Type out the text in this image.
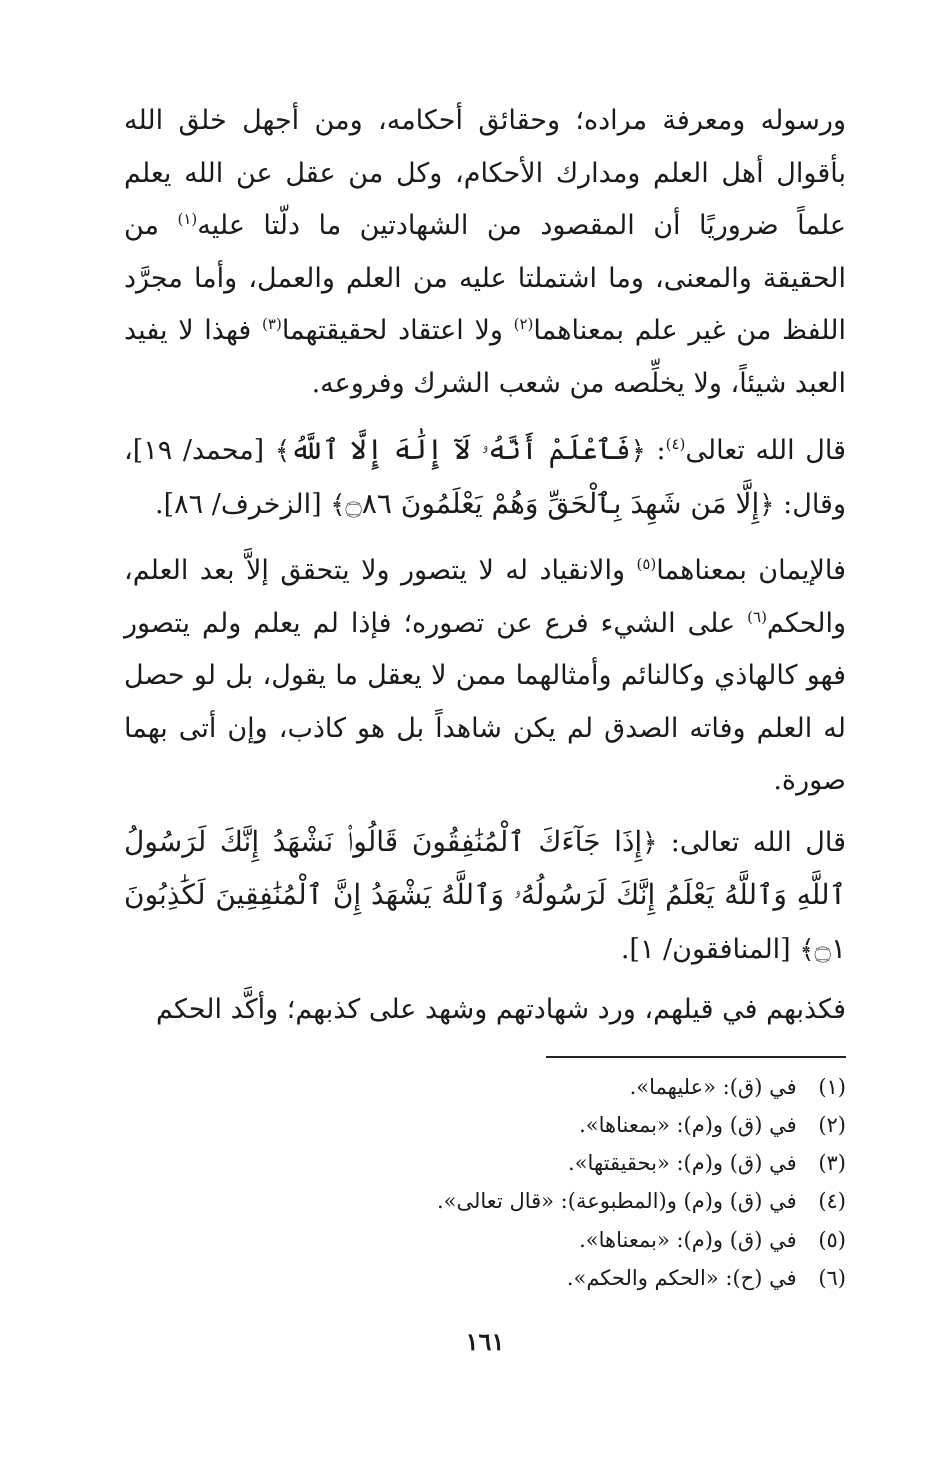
ورسوله ومعرفة مراده؛ وحقائق أحكامه، ومن أجهل خلق الله بأقوال أهل العلم ومدارك الأحكام، وكل من عقل عن الله يعلم علماً ضروريًا أن المقصود من الشهادتين ما دلّتا عليه$^{(١)}$ من الحقيقة والمعنى، وما اشتملتا عليه من العلم والعمل، وأما مجرَّد اللفظ من غير علم بمعناهما$^{(٢)}$ ولا اعتقاد لحقيقتهما$^{(٣)}$ فهذا لا يفيد العبد شيئاً، ولا يخلِّصه من شعب الشرك وفروعه.

قال الله تعالى$^{(٤)}$: ﴿فَٱعْلَمْ أَنَّهُۥ لَآ إِلَٰهَ إِلَّا ٱللَّهُ﴾ [محمد/ ١٩]، وقال: ﴿إِلَّا مَن شَهِدَ بِٱلْحَقِّ وَهُمْ يَعْلَمُونَ ۝٨٦﴾ [الزخرف/ ٨٦].

فالإيمان بمعناهما$^{(٥)}$ والانقياد له لا يتصور ولا يتحقق إلاَّ بعد العلم، والحكم$^{(٦)}$ على الشيء فرع عن تصوره؛ فإذا لم يعلم ولم يتصور فهو كالهاذي وكالنائم وأمثالهما ممن لا يعقل ما يقول، بل لو حصل له العلم وفاته الصدق لم يكن شاهداً بل هو كاذب، وإن أتى بهما صورة.

قال الله تعالى: ﴿إِذَا جَآءَكَ ٱلْمُنَٰفِقُونَ قَالُوا۟ نَشْهَدُ إِنَّكَ لَرَسُولُ ٱللَّهِ وَٱللَّهُ يَعْلَمُ إِنَّكَ لَرَسُولُهُۥ وَٱللَّهُ يَشْهَدُ إِنَّ ٱلْمُنَٰفِقِينَ لَكَٰذِبُونَ ۝١﴾ [المنافقون/ ١].

فكذبهم في قيلهم، ورد شهادتهم وشهد على كذبهم؛ وأكَّد الحكم

(١)  في (ق): «عليهما».
(٢)  في (ق) و(م): «بمعناها».
(٣)  في (ق) و(م): «بحقيقتها».
(٤)  في (ق) و(م) و(المطبوعة): «قال تعالى».
(٥)  في (ق) و(م): «بمعناها».
(٦)  في (ح): «الحكم والحكم».
١٦١
